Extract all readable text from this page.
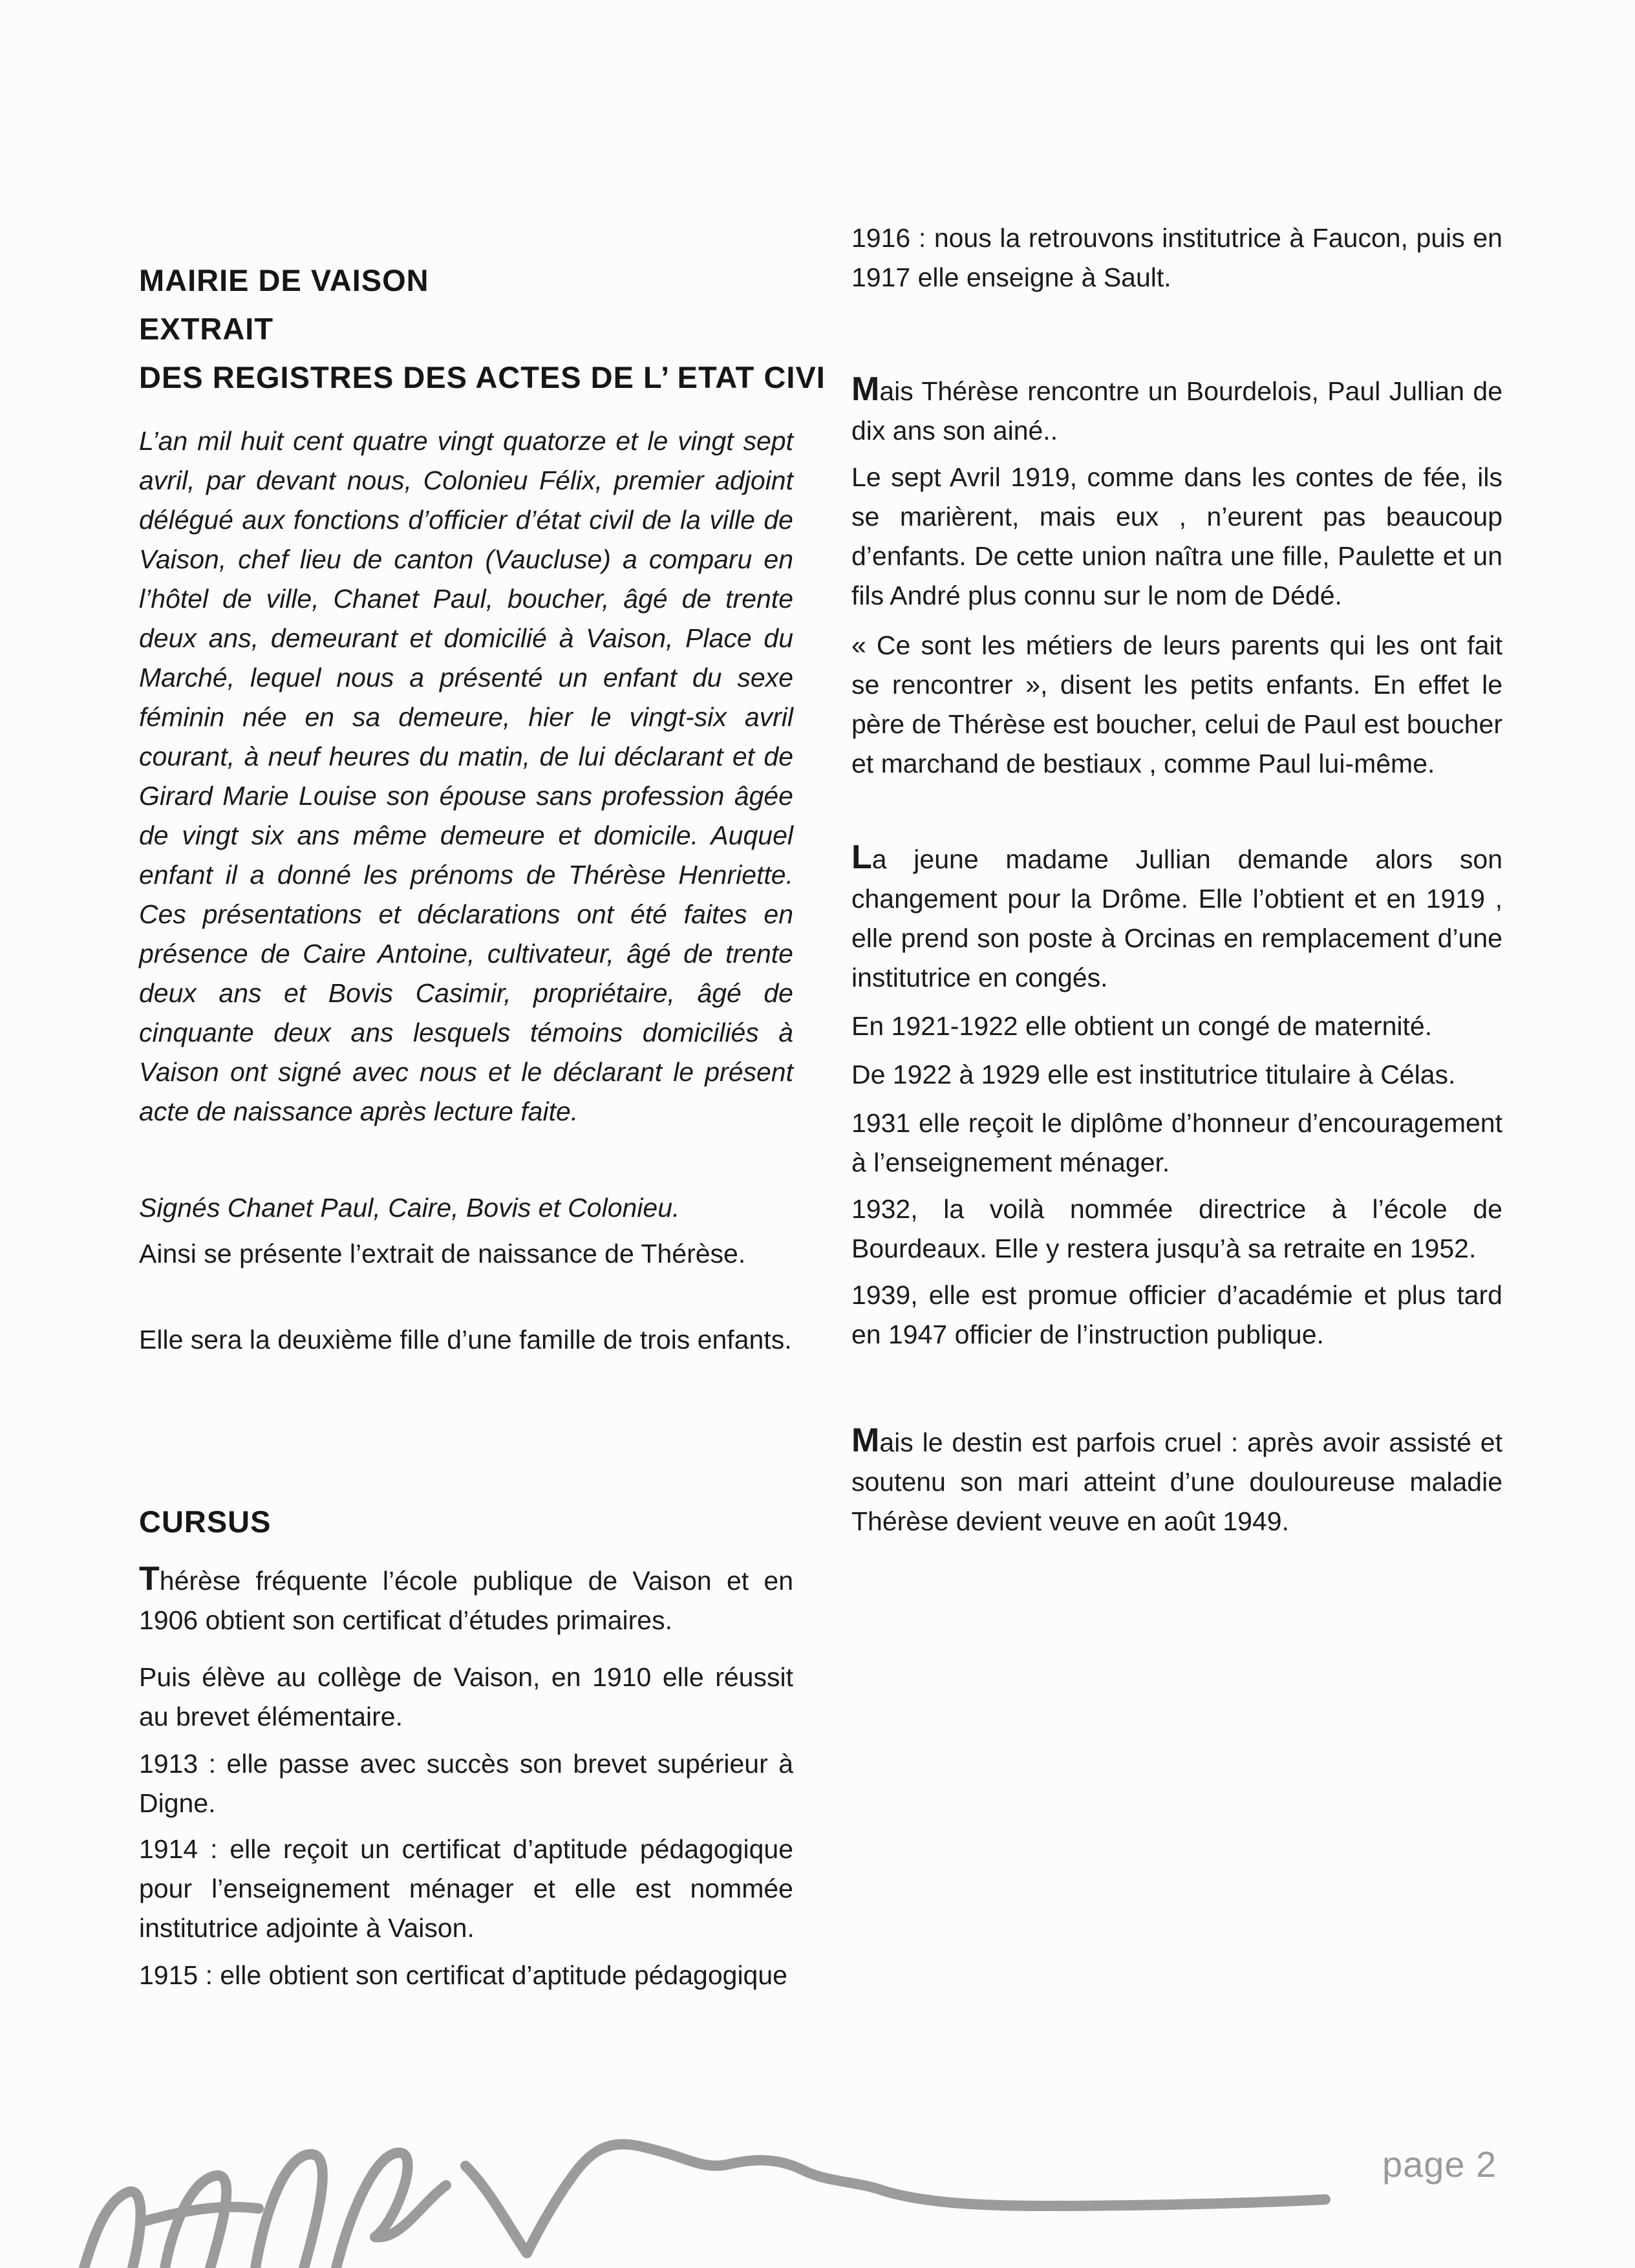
MAIRIE DE VAISON
EXTRAIT
DES REGISTRES DES ACTES DE L’ ETAT CIVI

L’an mil huit cent quatre vingt quatorze et le vingt sept avril, par devant nous, Colonieu Félix, premier adjoint délégué aux fonctions d’officier d’état civil de la ville de Vaison, chef lieu de canton (Vaucluse) a comparu en l’hôtel de ville, Chanet Paul, boucher, âgé de trente deux ans, demeurant et domicilié à Vaison, Place du Marché, lequel nous a présenté un enfant du sexe féminin née en sa demeure, hier le vingt-six avril courant, à neuf heures du matin, de lui déclarant et de Girard Marie Louise son épouse sans profession âgée de vingt six ans même demeure et domicile. Auquel enfant il a donné les prénoms de Thérèse Henriette. Ces présentations et déclarations ont été faites en présence de Caire Antoine, cultivateur, âgé de trente deux ans et Bovis Casimir, propriétaire, âgé de cinquante deux ans lesquels témoins domiciliés à Vaison ont signé avec nous et le déclarant le présent acte de naissance après lecture faite.

Signés Chanet Paul, Caire, Bovis et Colonieu.

Ainsi se présente l’extrait de naissance de Thérèse.

Elle sera la deuxième fille d’une famille de trois enfants.

CURSUS

Thérèse fréquente l’école publique de Vaison et en 1906 obtient son certificat d’études primaires.

Puis élève au collège de Vaison, en 1910 elle réussit au brevet élémentaire.

1913 : elle passe avec succès son brevet supérieur à Digne.

1914 : elle reçoit un certificat d’aptitude pédagogique pour l’enseignement ménager et elle est nommée institutrice adjointe à Vaison.

1915 : elle obtient son certificat d’aptitude pédagogique

1916 : nous la retrouvons institutrice à Faucon, puis en 1917 elle enseigne à Sault.

Mais Thérèse rencontre un Bourdelois, Paul Jullian de dix ans son ainé..

Le sept Avril 1919, comme dans les contes de fée, ils se marièrent, mais eux , n’eurent pas beaucoup d’enfants. De cette union naîtra une fille, Paulette et un fils André plus connu sur le nom de Dédé.

« Ce sont les métiers de leurs parents qui les ont fait se rencontrer », disent les petits enfants. En effet le père de Thérèse est boucher, celui de Paul est boucher et marchand de bestiaux , comme Paul lui-même.

La jeune madame Jullian demande alors son changement pour la Drôme. Elle l’obtient et en 1919 , elle prend son poste à Orcinas en remplacement d’une institutrice en congés.

En 1921-1922 elle obtient un congé de maternité.

De 1922 à 1929 elle est institutrice titulaire à Célas.

1931 elle reçoit le diplôme d’honneur d’encouragement à l’enseignement ménager.

1932, la voilà nommée directrice à l’école de Bourdeaux. Elle y restera jusqu’à sa retraite en 1952.

1939, elle est promue officier d’académie et plus tard en 1947 officier de l’instruction publique.

Mais le destin est parfois cruel : après avoir assisté et soutenu son mari atteint d’une douloureuse maladie Thérèse devient veuve en août 1949.

page 2
